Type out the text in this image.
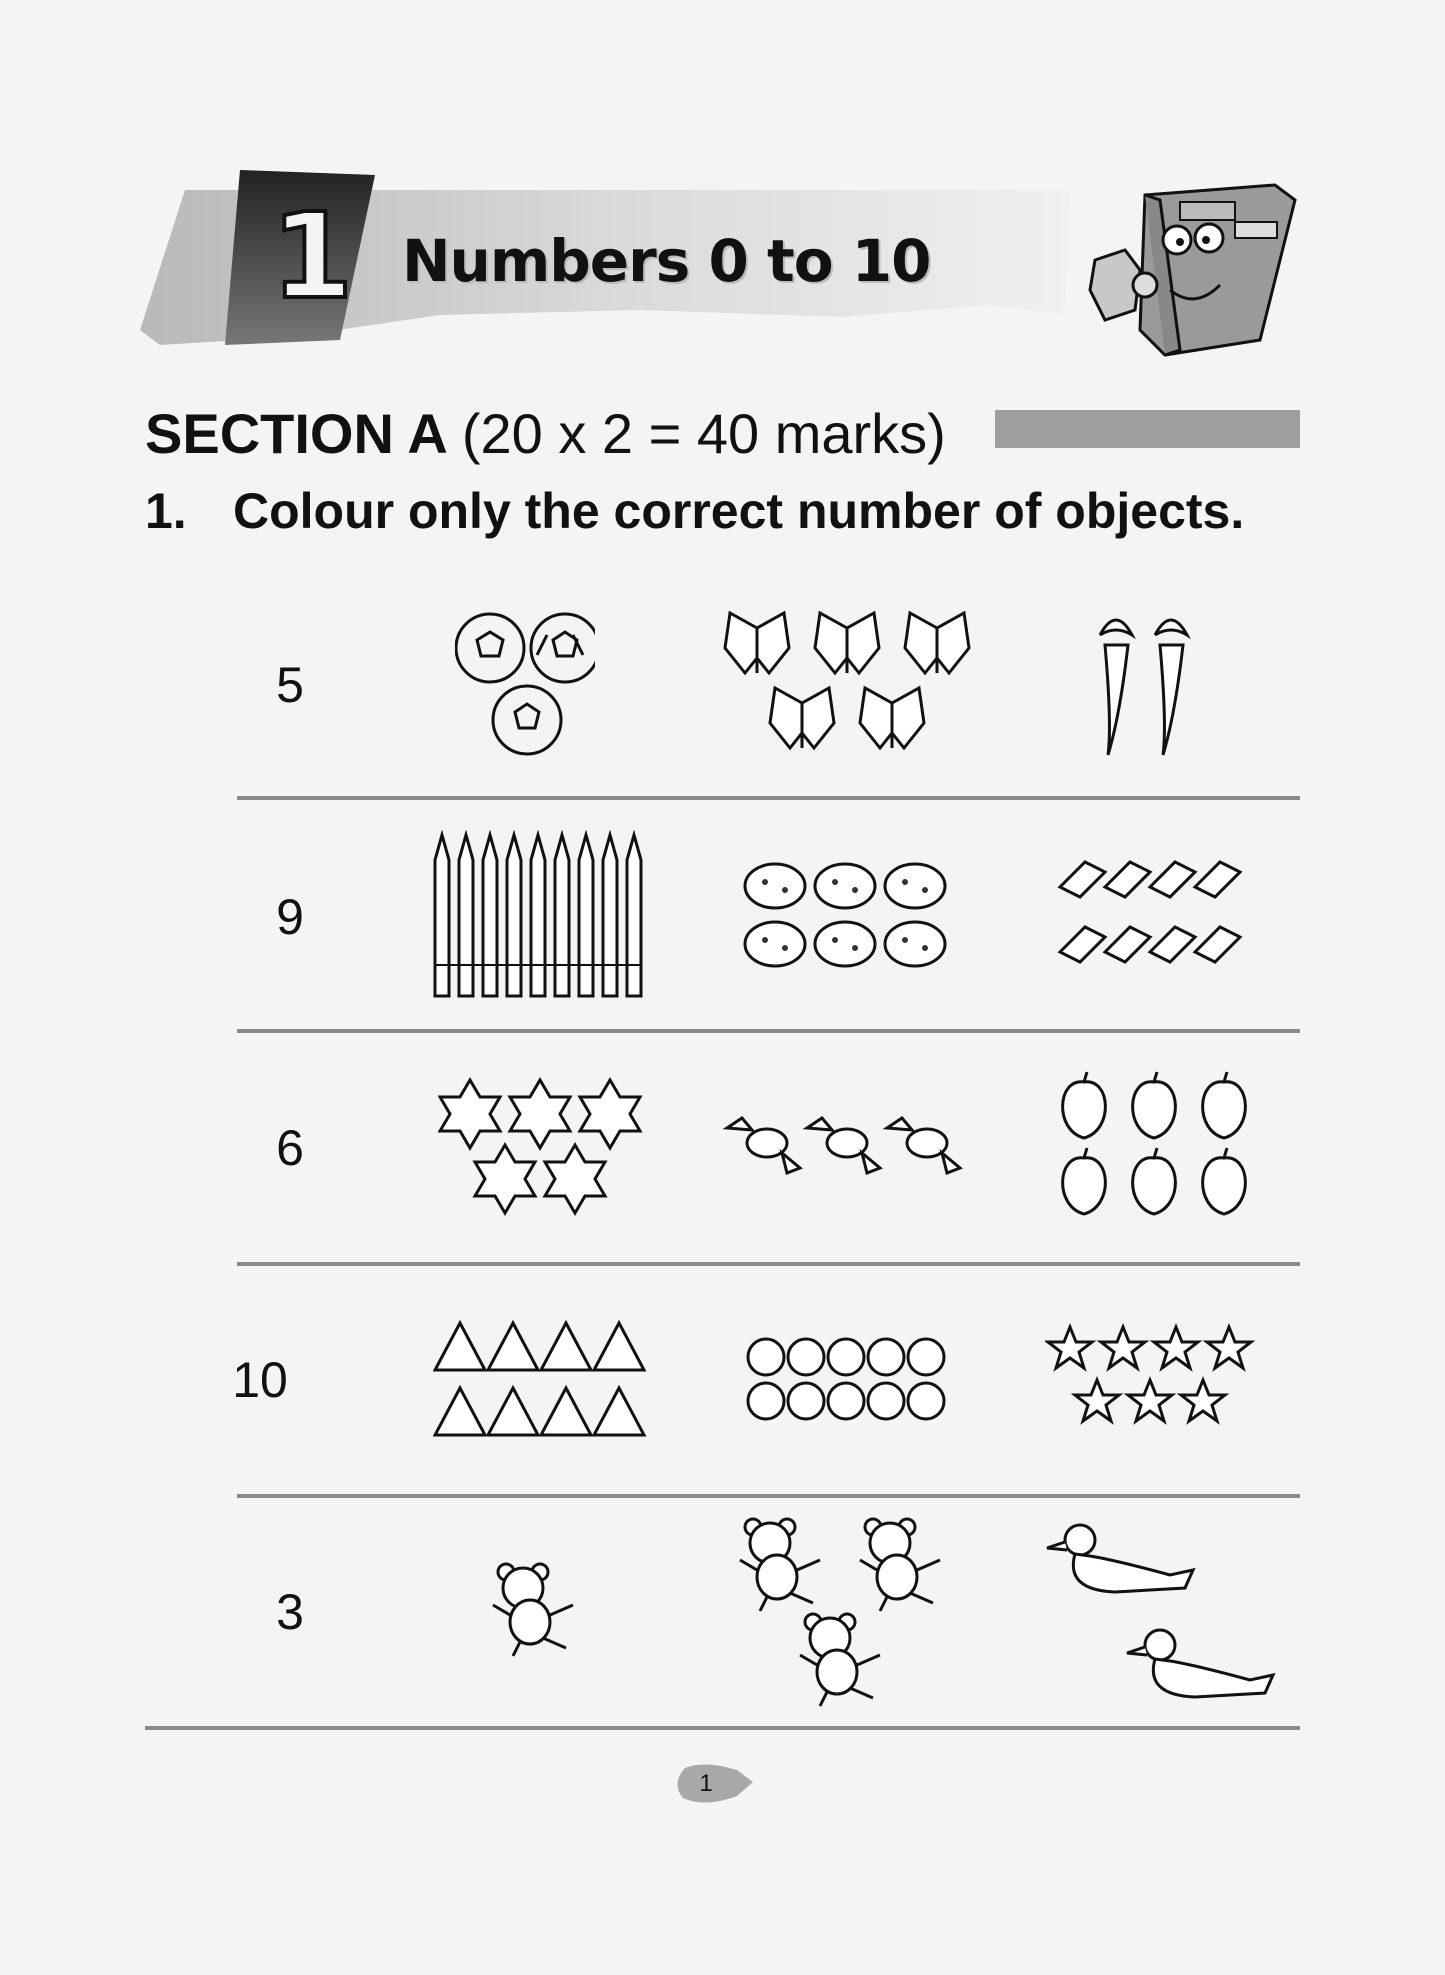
1 Numbers 0 to 10
SECTION A (20 x 2 = 40 marks)
1. Colour only the correct number of objects.
5
9
6
10
3
1
